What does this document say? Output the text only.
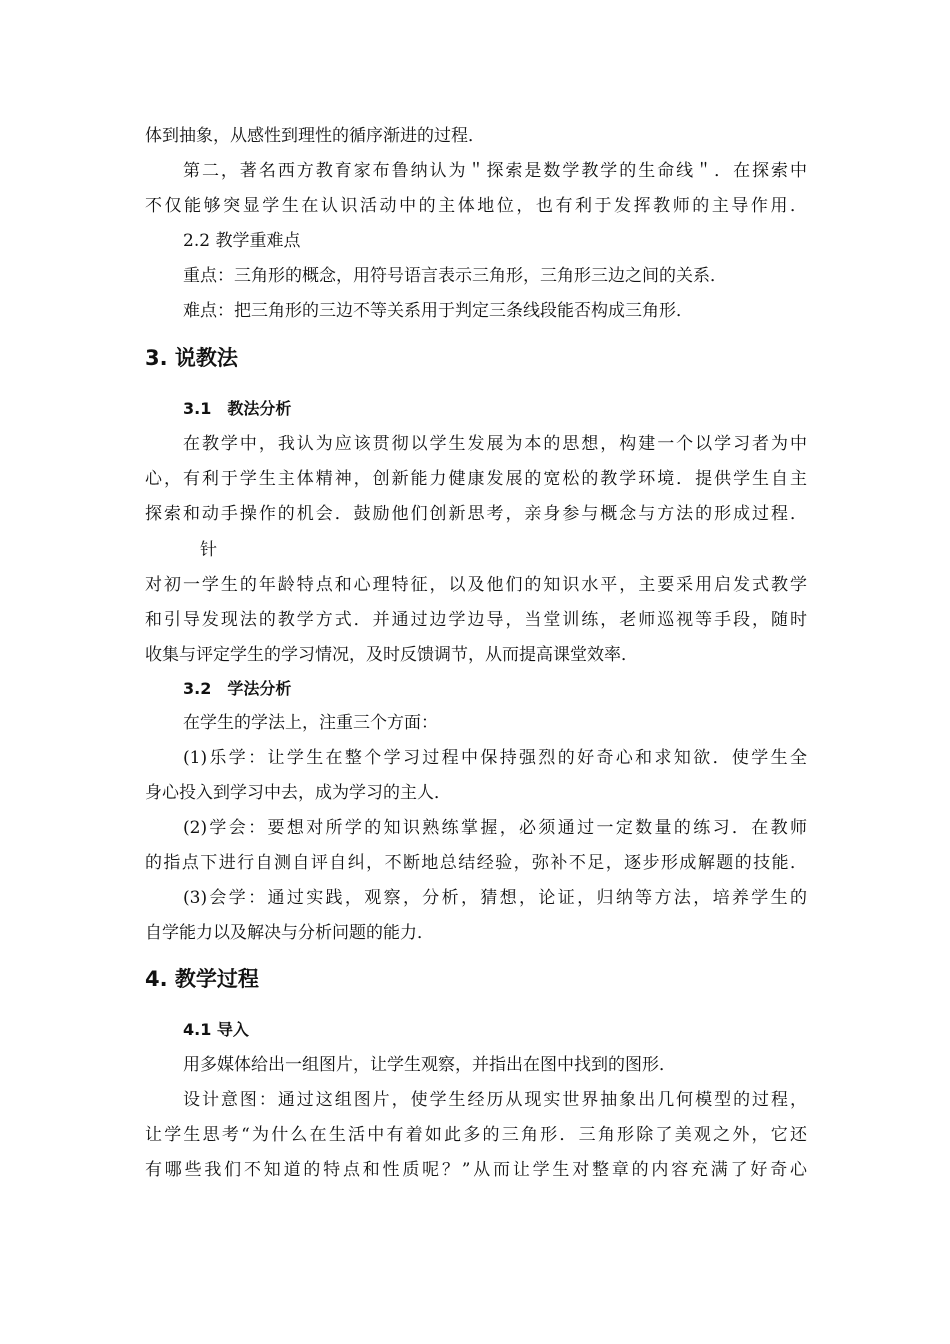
体到抽象，从感性到理性的循序渐进的过程．
第二，著名西方教育家布鲁纳认为＂探索是数学教学的生命线＂．在探索中
不仅能够突显学生在认识活动中的主体地位，也有利于发挥教师的主导作用．
2.2 教学重难点
重点：三角形的概念，用符号语言表示三角形，三角形三边之间的关系．
难点：把三角形的三边不等关系用于判定三条线段能否构成三角形．
3. 说教法
3.1　教法分析
在教学中，我认为应该贯彻以学生发展为本的思想，构建一个以学习者为中
心，有利于学生主体精神，创新能力健康发展的宽松的教学环境．提供学生自主
探索和动手操作的机会．鼓励他们创新思考，亲身参与概念与方法的形成过程．
针
对初一学生的年龄特点和心理特征，以及他们的知识水平，主要采用启发式教学
和引导发现法的教学方式．并通过边学边导，当堂训练，老师巡视等手段，随时
收集与评定学生的学习情况，及时反馈调节，从而提高课堂效率．
3.2　学法分析
在学生的学法上，注重三个方面：
(1)乐学：让学生在整个学习过程中保持强烈的好奇心和求知欲．使学生全
身心投入到学习中去，成为学习的主人．
(2)学会：要想对所学的知识熟练掌握，必须通过一定数量的练习．在教师
的指点下进行自测自评自纠，不断地总结经验，弥补不足，逐步形成解题的技能．
(3)会学：通过实践，观察，分析，猜想，论证，归纳等方法，培养学生的
自学能力以及解决与分析问题的能力．
4. 教学过程
4.1 导入
用多媒体给出一组图片，让学生观察，并指出在图中找到的图形．
设计意图：通过这组图片，使学生经历从现实世界抽象出几何模型的过程，
让学生思考“为什么在生活中有着如此多的三角形．三角形除了美观之外，它还
有哪些我们不知道的特点和性质呢？”从而让学生对整章的内容充满了好奇心
